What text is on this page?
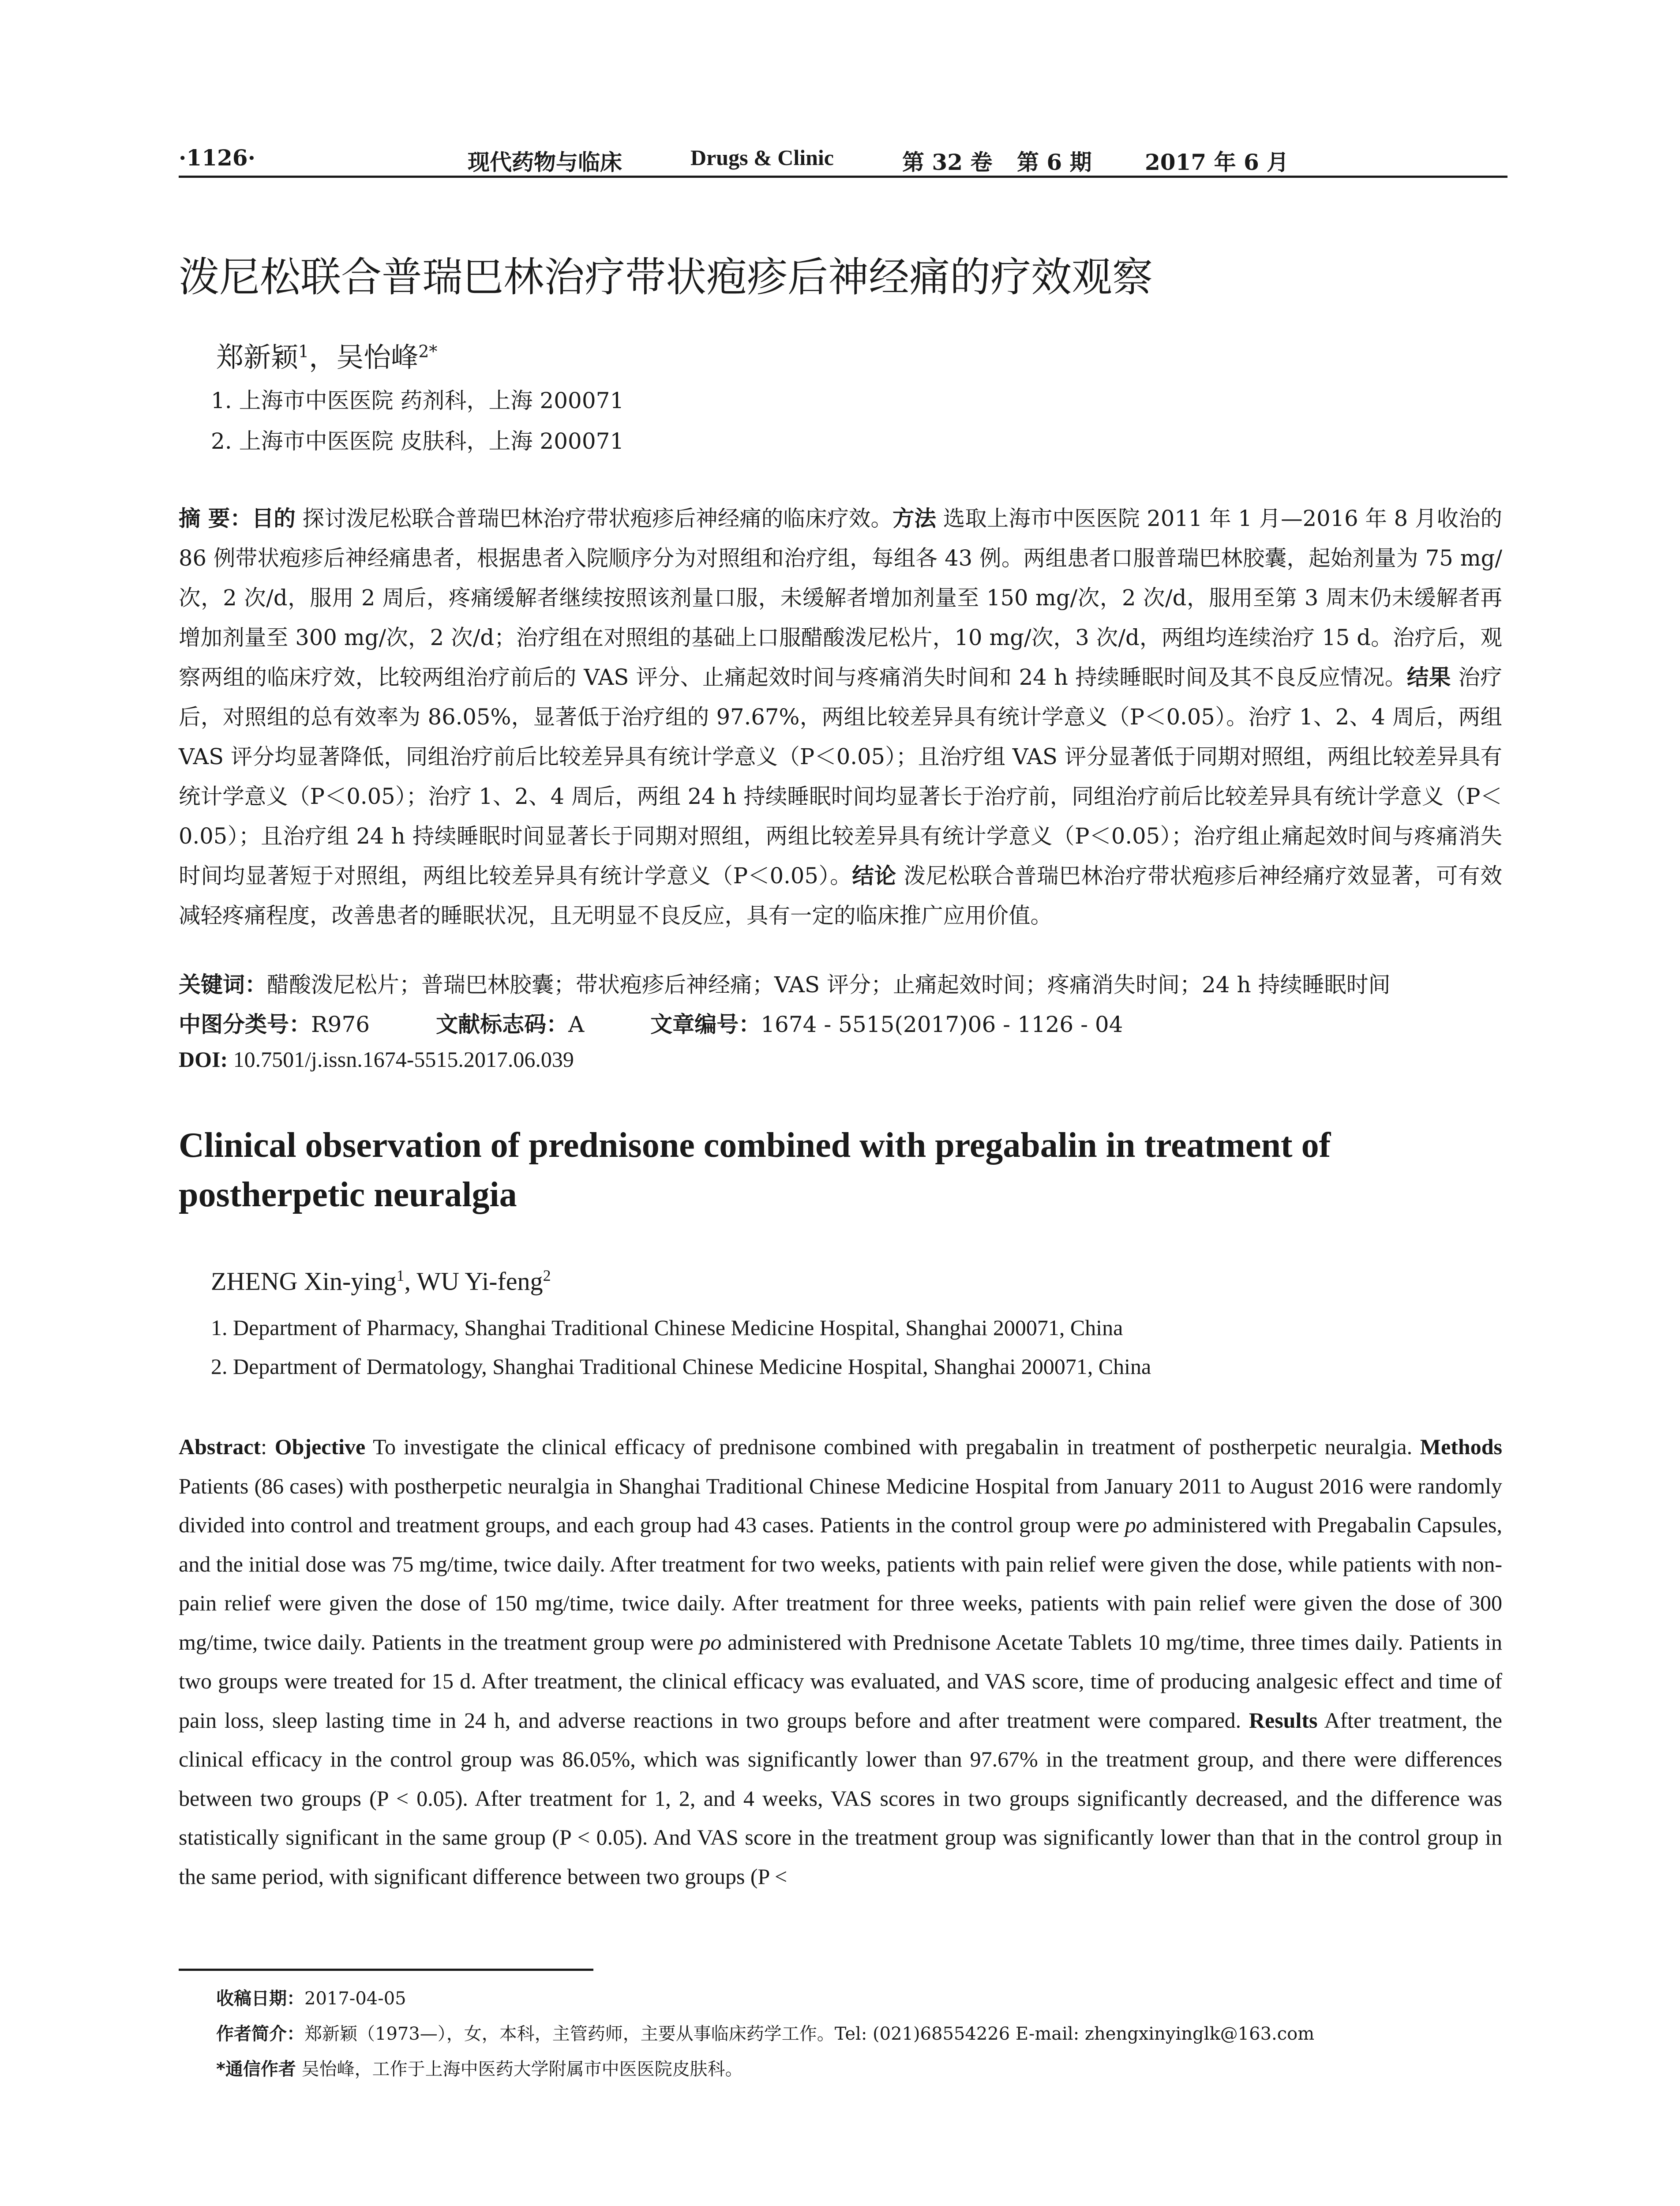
·1126·	现代药物与临床	Drugs & Clinic	第 32 卷 第 6 期 2017 年 6 月
泼尼松联合普瑞巴林治疗带状疱疹后神经痛的疗效观察
郑新颖$^1$，吴怡峰$^{2*}$
1. 上海市中医医院 药剂科，上海 200071
2. 上海市中医医院 皮肤科，上海 200071
摘 要：目的 探讨泼尼松联合普瑞巴林治疗带状疱疹后神经痛的临床疗效。方法 选取上海市中医医院 2011 年 1 月—2016 年 8 月收治的 86 例带状疱疹后神经痛患者，根据患者入院顺序分为对照组和治疗组，每组各 43 例。两组患者口服普瑞巴林胶囊，起始剂量为 75 mg/次，2 次/d，服用 2 周后，疼痛缓解者继续按照该剂量口服，未缓解者增加剂量至 150 mg/次，2 次/d，服用至第 3 周末仍未缓解者再增加剂量至 300 mg/次，2 次/d；治疗组在对照组的基础上口服醋酸泼尼松片，10 mg/次，3 次/d，两组均连续治疗 15 d。治疗后，观察两组的临床疗效，比较两组治疗前后的 VAS 评分、止痛起效时间与疼痛消失时间和 24 h 持续睡眠时间及其不良反应情况。结果 治疗后，对照组的总有效率为 86.05%，显著低于治疗组的 97.67%，两组比较差异具有统计学意义（P＜0.05）。治疗 1、2、4 周后，两组 VAS 评分均显著降低，同组治疗前后比较差异具有统计学意义（P＜0.05）；且治疗组 VAS 评分显著低于同期对照组，两组比较差异具有统计学意义（P＜0.05）；治疗 1、2、4 周后，两组 24 h 持续睡眠时间均显著长于治疗前，同组治疗前后比较差异具有统计学意义（P＜0.05）；且治疗组 24 h 持续睡眠时间显著长于同期对照组，两组比较差异具有统计学意义（P＜0.05）；治疗组止痛起效时间与疼痛消失时间均显著短于对照组，两组比较差异具有统计学意义（P＜0.05）。结论 泼尼松联合普瑞巴林治疗带状疱疹后神经痛疗效显著，可有效减轻疼痛程度，改善患者的睡眠状况，且无明显不良反应，具有一定的临床推广应用价值。
关键词：醋酸泼尼松片；普瑞巴林胶囊；带状疱疹后神经痛；VAS 评分；止痛起效时间；疼痛消失时间；24 h 持续睡眠时间
中图分类号：R976	文献标志码：A	文章编号：1674 - 5515(2017)06 - 1126 - 04
DOI: 10.7501/j.issn.1674-5515.2017.06.039
Clinical observation of prednisone combined with pregabalin in treatment of postherpetic neuralgia
ZHENG Xin-ying$^1$, WU Yi-feng$^2$
1. Department of Pharmacy, Shanghai Traditional Chinese Medicine Hospital, Shanghai 200071, China
2. Department of Dermatology, Shanghai Traditional Chinese Medicine Hospital, Shanghai 200071, China
Abstract: Objective To investigate the clinical efficacy of prednisone combined with pregabalin in treatment of postherpetic neuralgia. Methods Patients (86 cases) with postherpetic neuralgia in Shanghai Traditional Chinese Medicine Hospital from January 2011 to August 2016 were randomly divided into control and treatment groups, and each group had 43 cases. Patients in the control group were po administered with Pregabalin Capsules, and the initial dose was 75 mg/time, twice daily. After treatment for two weeks, patients with pain relief were given the dose, while patients with non-pain relief were given the dose of 150 mg/time, twice daily. After treatment for three weeks, patients with pain relief were given the dose of 300 mg/time, twice daily. Patients in the treatment group were po administered with Prednisone Acetate Tablets 10 mg/time, three times daily. Patients in two groups were treated for 15 d. After treatment, the clinical efficacy was evaluated, and VAS score, time of producing analgesic effect and time of pain loss, sleep lasting time in 24 h, and adverse reactions in two groups before and after treatment were compared. Results After treatment, the clinical efficacy in the control group was 86.05%, which was significantly lower than 97.67% in the treatment group, and there were differences between two groups (P < 0.05). After treatment for 1, 2, and 4 weeks, VAS scores in two groups significantly decreased, and the difference was statistically significant in the same group (P < 0.05). And VAS score in the treatment group was significantly lower than that in the control group in the same period, with significant difference between two groups (P <
收稿日期：2017-04-05
作者简介：郑新颖（1973—），女，本科，主管药师，主要从事临床药学工作。Tel: (021)68554226 E-mail: zhengxinyinglk@163.com
*通信作者 吴怡峰，工作于上海中医药大学附属市中医医院皮肤科。
